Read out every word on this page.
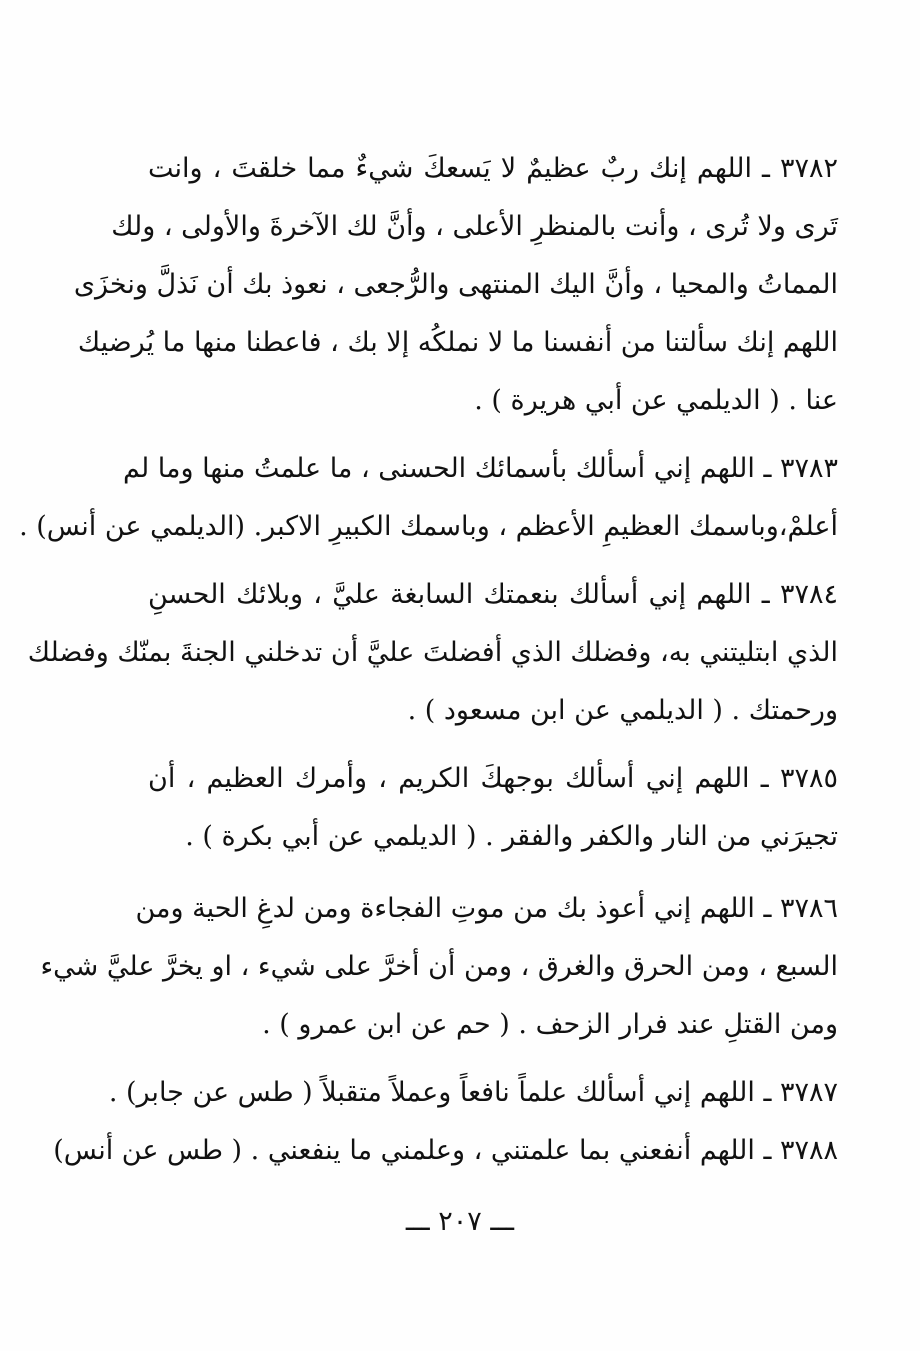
٣٧٨٢ ـ اللهم إنك ربٌ عظيمٌ لا يَسعكَ شيءٌ مما خلقتَ ، وانت
تَرى ولا تُرى ، وأنت بالمنظرِ الأعلى ، وأنَّ لك الآخرةَ والأولى ، ولك
المماتُ والمحيا ، وأنَّ اليك المنتهى والرُّجعى ، نعوذ بك أن نَذلَّ ونخزَى
اللهم إنك سألتنا من أنفسنا ما لا نملكُه إلا بك ، فاعطنا منها ما يُرضيك
عنا . ( الديلمي عن أبي هريرة ) .
٣٧٨٣ ـ اللهم إني أسألك بأسمائك الحسنى ، ما علمتُ منها وما لم
أعلمْ،وباسمك العظيمِ الأعظم ، وباسمك الكبيرِ الاكبر. (الديلمي عن أنس) .
٣٧٨٤ ـ اللهم إني أسألك بنعمتك السابغة عليَّ ، وبلائك الحسنِ
الذي ابتليتني به، وفضلك الذي أفضلتَ عليَّ أن تدخلني الجنةَ بمنّك وفضلك
ورحمتك . ( الديلمي عن ابن مسعود ) .
٣٧٨٥ ـ اللهم إني أسألك بوجهكَ الكريم ، وأمرك العظيم ، أن
تجيرَني من النار والكفر والفقر . ( الديلمي عن أبي بكرة ) .
٣٧٨٦ ـ اللهم إني أعوذ بك من موتِ الفجاءة ومن لدغِ الحية ومن
السبع ، ومن الحرق والغرق ، ومن أن أخرَّ على شيء ، او يخرَّ عليَّ شيء
ومن القتلِ عند فرار الزحف . ( حم عن ابن عمرو ) .
٣٧٨٧ ـ اللهم إني أسألك علماً نافعاً وعملاً متقبلاً ( طس عن جابر) .
٣٧٨٨ ـ اللهم أنفعني بما علمتني ، وعلمني ما ينفعني . ( طس عن أنس)
ـــ ٢٠٧ ـــ
